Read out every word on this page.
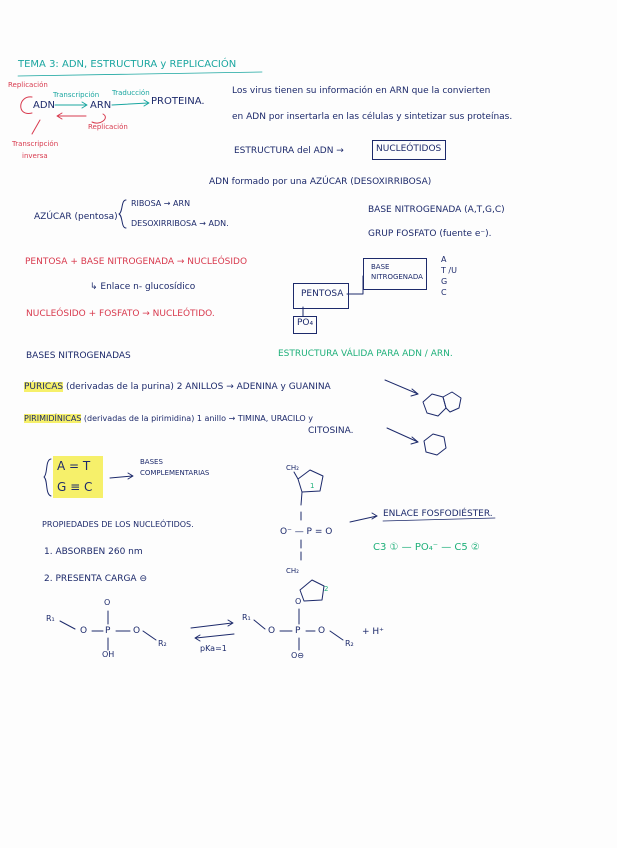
TEMA 3: ADN, ESTRUCTURA y REPLICACIÓN
Replicación
Transcripción Traducción
ADN	ARN	PROTEINA.
Replicación
Transcripción
inversa
Los virus tienen su información en ARN que la convierten
en ADN por insertarla en las células y sintetizar sus proteínas.
ESTRUCTURA del ADN →	NUCLEÓTIDOS
ADN formado por una AZÚCAR (DESOXIRRIBOSA)
AZÚCAR (pentosa)
RIBOSA → ARN
DESOXIRRIBOSA → ADN.
BASE NITROGENADA (A,T,G,C)
GRUP FOSFATO (fuente e⁻).
PENTOSA + BASE NITROGENADA → NUCLEÓSIDO
↳ Enlace n- glucosídico
NUCLEÓSIDO + FOSFATO → NUCLEÓTIDO.
BASE
NITROGENADA
PENTOSA
PO₄
A
T /U
G
C
BASES NITROGENADAS	ESTRUCTURA VÁLIDA PARA ADN / ARN.
PÚRICAS (derivadas de la purina) 2 ANILLOS → ADENINA y GUANINA
PIRIMIDÍNICAS (derivadas de la pirimidina) 1 anillo → TIMINA, URACILO y
CITOSINA.
A = T
G ≡ C
BASES
COMPLEMENTARIAS
PROPIEDADES DE LOS NUCLEÓTIDOS.
1. ABSORBEN 260 nm
2. PRESENTA CARGA ⊖
CH₂
CH₂
1
2
O⁻ — P = O
ENLACE FOSFODIÉSTER.
C3 ① — PO₄⁻ — C5 ②
R₁
O P	O
R₂
O
OH
pKa=1
R₁
O P O
R₂
+ H⁺
O
O⊖
